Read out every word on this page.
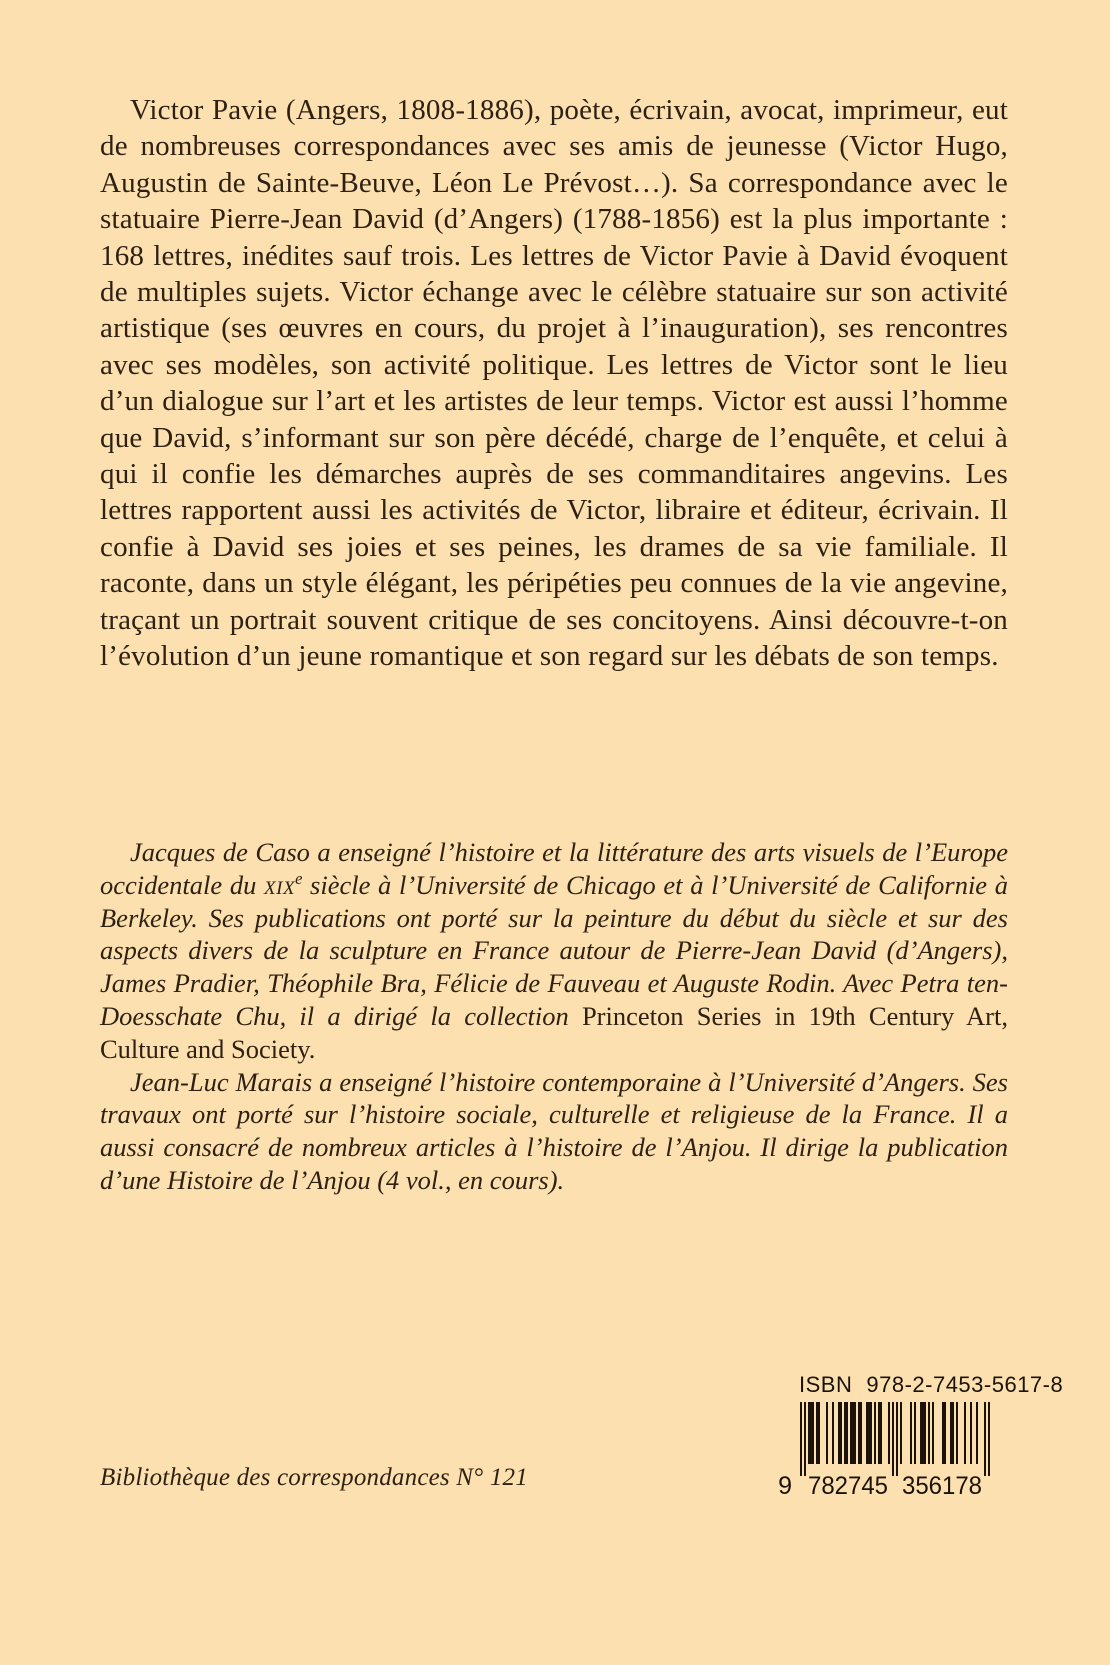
Victor Pavie (Angers, 1808-1886), poète, écrivain, avocat, imprimeur, eut de nombreuses correspondances avec ses amis de jeunesse (Victor Hugo, Augustin de Sainte-Beuve, Léon Le Prévost…). Sa correspondance avec le statuaire Pierre-Jean David (d’Angers) (1788-1856) est la plus importante : 168 lettres, inédites sauf trois. Les lettres de Victor Pavie à David évoquent de multiples sujets. Victor échange avec le célèbre statuaire sur son activité artistique (ses œuvres en cours, du projet à l’inauguration), ses rencontres avec ses modèles, son activité politique. Les lettres de Victor sont le lieu d’un dialogue sur l’art et les artistes de leur temps. Victor est aussi l’homme que David, s’informant sur son père décédé, charge de l’enquête, et celui à qui il confie les démarches auprès de ses commanditaires angevins. Les lettres rapportent aussi les activités de Victor, libraire et éditeur, écrivain. Il confie à David ses joies et ses peines, les drames de sa vie familiale. Il raconte, dans un style élégant, les péripéties peu connues de la vie angevine, traçant un portrait souvent critique de ses concitoyens. Ainsi découvre-t-on l’évolution d’un jeune romantique et son regard sur les débats de son temps.

Jacques de Caso a enseigné l’histoire et la littérature des arts visuels de l’Europe occidentale du xix$^e$ siècle à l’Université de Chicago et à l’Université de Californie à Berkeley. Ses publications ont porté sur la peinture du début du siècle et sur des aspects divers de la sculpture en France autour de Pierre-Jean David (d’Angers), James Pradier, Théophile Bra, Félicie de Fauveau et Auguste Rodin. Avec Petra ten-Doesschate Chu, il a dirigé la collection Princeton Series in 19th Century Art, Culture and Society.

Jean-Luc Marais a enseigné l’histoire contemporaine à l’Université d’Angers. Ses travaux ont porté sur l’histoire sociale, culturelle et religieuse de la France. Il a aussi consacré de nombreux articles à l’histoire de l’Anjou. Il dirige la publication d’une Histoire de l’Anjou (4 vol., en cours).

ISBN 978-2-7453-5617-8
9 782745 356178
Bibliothèque des correspondances N° 121
